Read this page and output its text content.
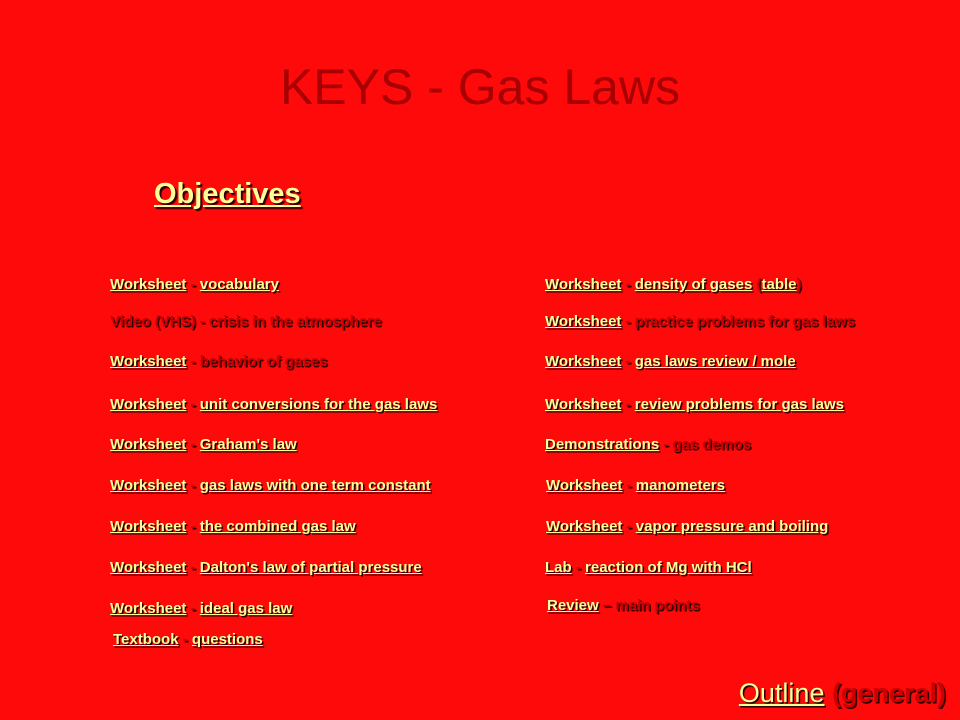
KEYS - Gas Laws
Objectives
Worksheet - vocabulary
Video (VHS) - crisis in the atmosphere
Worksheet - behavior of gases
Worksheet - unit conversions for the gas laws
Worksheet - Graham's law
Worksheet - gas laws with one term constant
Worksheet - the combined gas law
Worksheet - Dalton's law of partial pressure
Worksheet - ideal gas law
Textbook - questions
Worksheet - density of gases (table)
Worksheet - practice problems for gas laws
Worksheet - gas laws review / mole
Worksheet - review problems for gas laws
Demonstrations - gas demos
Worksheet - manometers
Worksheet - vapor pressure and boiling
Lab - reaction of Mg with HCl
Review – main points
Outline (general)
